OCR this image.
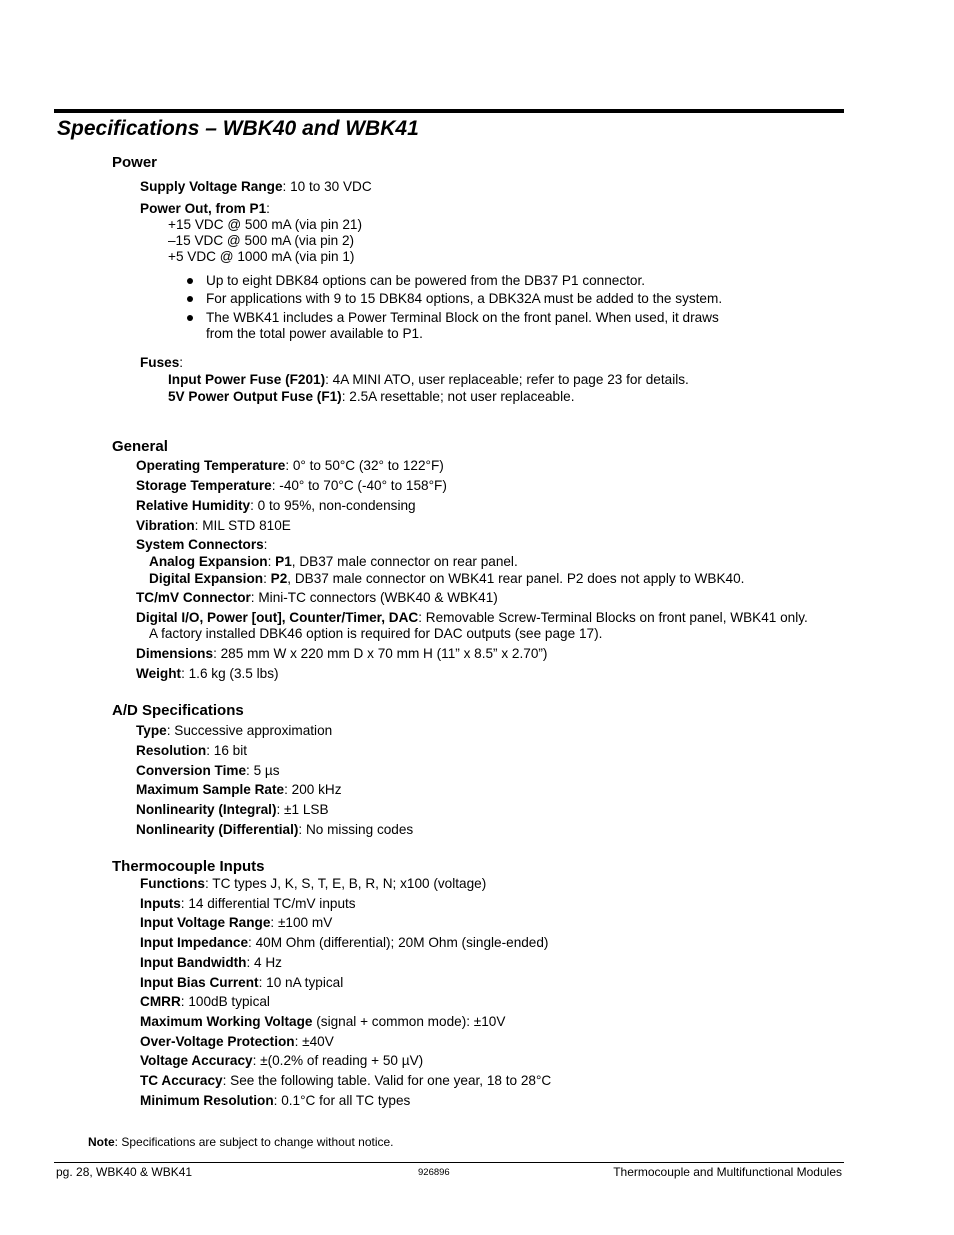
Specifications – WBK40 and WBK41
Power
Supply Voltage Range: 10 to 30 VDC
Power Out, from P1:
+15 VDC @ 500 mA (via pin 21)
–15 VDC @ 500 mA (via pin 2)
+5 VDC @ 1000 mA (via pin 1)
Up to eight DBK84 options can be powered from the DB37 P1 connector.
For applications with 9 to 15 DBK84 options, a DBK32A must be added to the system.
The WBK41 includes a Power Terminal Block on the front panel. When used, it draws
from the total power available to P1.
Fuses:
Input Power Fuse (F201): 4A MINI ATO, user replaceable; refer to page 23 for details.
5V Power Output Fuse (F1): 2.5A resettable; not user replaceable.
General
Operating Temperature: 0° to 50°C (32° to 122°F)
Storage Temperature: -40° to 70°C (-40° to 158°F)
Relative Humidity: 0 to 95%, non-condensing
Vibration: MIL STD 810E
System Connectors:
Analog Expansion: P1, DB37 male connector on rear panel.
Digital Expansion: P2, DB37 male connector on WBK41 rear panel. P2 does not apply to WBK40.
TC/mV Connector: Mini-TC connectors (WBK40 & WBK41)
Digital I/O, Power [out], Counter/Timer, DAC: Removable Screw-Terminal Blocks on front panel, WBK41 only.
A factory installed DBK46 option is required for DAC outputs (see page 17).
Dimensions: 285 mm W x 220 mm D x 70 mm H (11” x 8.5” x 2.70”)
Weight: 1.6 kg (3.5 lbs)
A/D Specifications
Type: Successive approximation
Resolution: 16 bit
Conversion Time: 5 µs
Maximum Sample Rate: 200 kHz
Nonlinearity (Integral): ±1 LSB
Nonlinearity (Differential): No missing codes
Thermocouple Inputs
Functions: TC types J, K, S, T, E, B, R, N; x100 (voltage)
Inputs: 14 differential TC/mV inputs
Input Voltage Range: ±100 mV
Input Impedance: 40M Ohm (differential); 20M Ohm (single-ended)
Input Bandwidth: 4 Hz
Input Bias Current: 10 nA typical
CMRR: 100dB typical
Maximum Working Voltage (signal + common mode): ±10V
Over-Voltage Protection: ±40V
Voltage Accuracy: ±(0.2% of reading + 50 µV)
TC Accuracy: See the following table. Valid for one year, 18 to 28°C
Minimum Resolution: 0.1°C for all TC types
Note: Specifications are subject to change without notice.
pg. 28, WBK40 & WBK41	926896	Thermocouple and Multifunctional Modules
